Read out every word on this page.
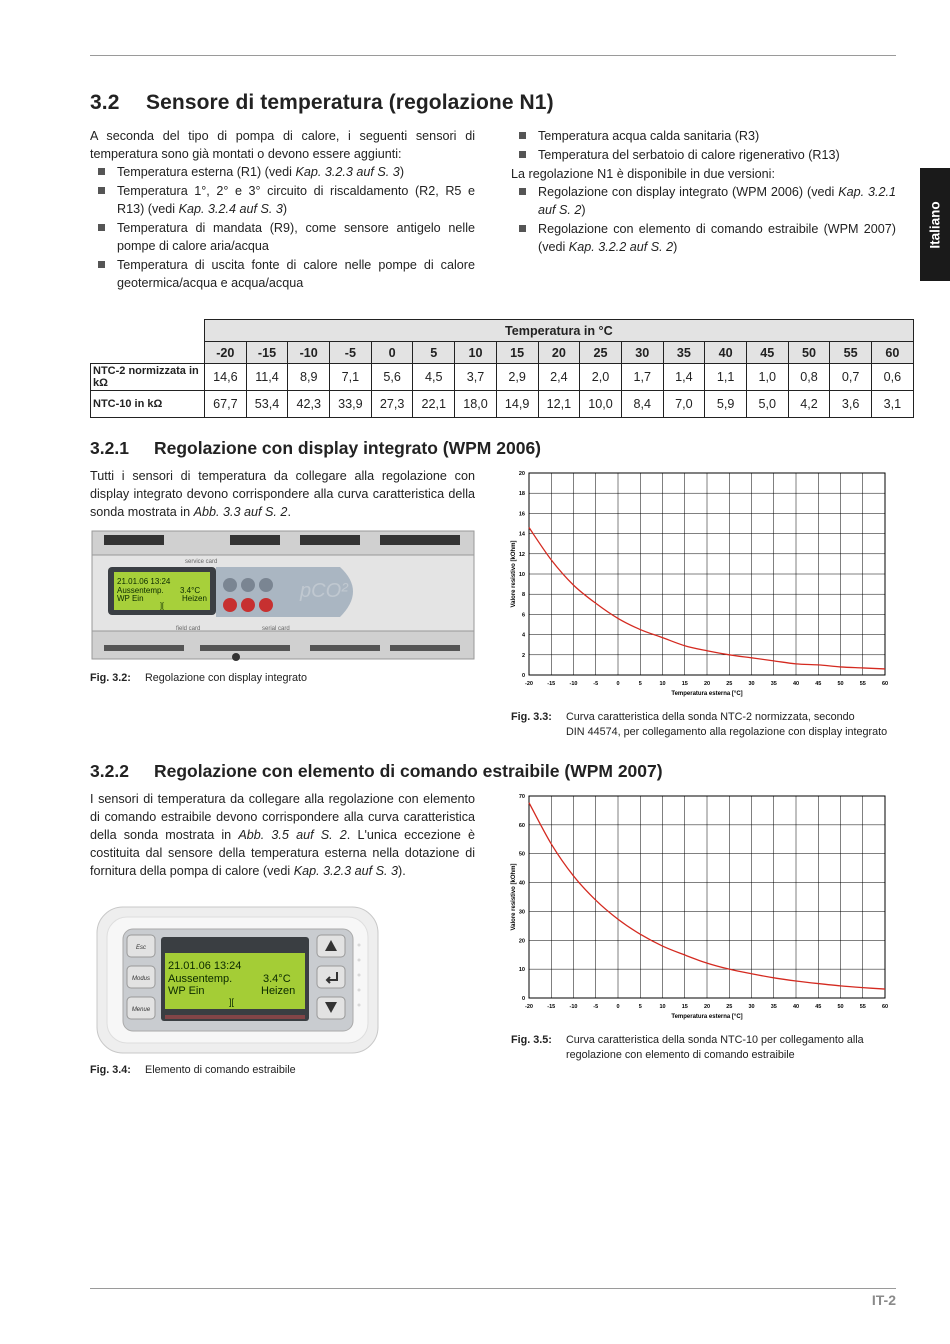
Italiano
3.2 Sensore di temperatura (regolazione N1)
A seconda del tipo di pompa di calore, i seguenti sensori di temperatura sono già montati o devono essere aggiunti:
Temperatura esterna (R1) (vedi Kap. 3.2.3 auf S. 3)
Temperatura 1°, 2° e 3° circuito di riscaldamento (R2, R5 e R13) (vedi Kap. 3.2.4 auf S. 3)
Temperatura di mandata (R9), come sensore antigelo nelle pompe di calore aria/acqua
Temperatura di uscita fonte di calore nelle pompe di calore geotermica/acqua e acqua/acqua
Temperatura acqua calda sanitaria (R3)
Temperatura del serbatoio di calore rigenerativo (R13)
La regolazione N1 è disponibile in due versioni:
Regolazione con display integrato (WPM 2006) (vedi Kap. 3.2.1 auf S. 2)
Regolazione con elemento di comando estraibile (WPM 2007) (vedi Kap. 3.2.2 auf S. 2)
	Temperatura in °C																
	-20	-15	-10	-5	0	5	10	15	20	25	30	35	40	45	50	55	60
NTC-2 normizzata in kΩ	14,6	11,4	8,9	7,1	5,6	4,5	3,7	2,9	2,4	2,0	1,7	1,4	1,1	1,0	0,8	0,7	0,6
NTC-10 in kΩ	67,7	53,4	42,3	33,9	27,3	22,1	18,0	14,9	12,1	10,0	8,4	7,0	5,9	5,0	4,2	3,6	3,1
3.2.1 Regolazione con display integrato (WPM 2006)
Tutti i sensori di temperatura da collegare alla regolazione con display integrato devono corrispondere alla curva caratteristica della sonda mostrata in Abb. 3.3 auf S. 2.
21.01.06 13:24
Aussentemp. 3.4°C
WP Ein	Heizen
][
pCO²
service card
field card	serial card
Fig. 3.2: Regolazione con display integrato	-20	-15	-10	-5	0	5	10	15	20	25	30	35	40	45	50	55	60
0
2
4
6
8
10
12
14
16
18
20
Temperatura esterna [°C]
Valore resistivo [kOhm]
Fig. 3.3: Curva caratteristica della sonda NTC-2 normizzata, secondo
DIN 44574, per collegamento alla regolazione con display integrato
3.2.2 Regolazione con elemento di comando estraibile (WPM 2007)
I sensori di temperatura da collegare alla regolazione con elemento di comando estraibile devono corrispondere alla curva caratteristica della sonda mostrata in Abb. 3.5 auf S. 2. L'unica eccezione è costituita dal sensore della temperatura esterna nella dotazione di fornitura della pompa di calore (vedi Kap. 3.2.3 auf S. 3).
Esc
Modus
Menue
21.01.06 13:24
Aussentemp.	3.4°C
WP Ein	Heizen
][
Fig. 3.4: Elemento di comando estraibile
-20	-15	-10	-5	0	5	10	15	20	25	30	35	40	45	50	55	60
0
10
20
30
40
50
60
70
Temperatura esterna [°C]
Valore resistivo [kOhm]
Fig. 3.5: Curva caratteristica della sonda NTC-10 per collegamento alla
regolazione con elemento di comando estraibile
IT-2
